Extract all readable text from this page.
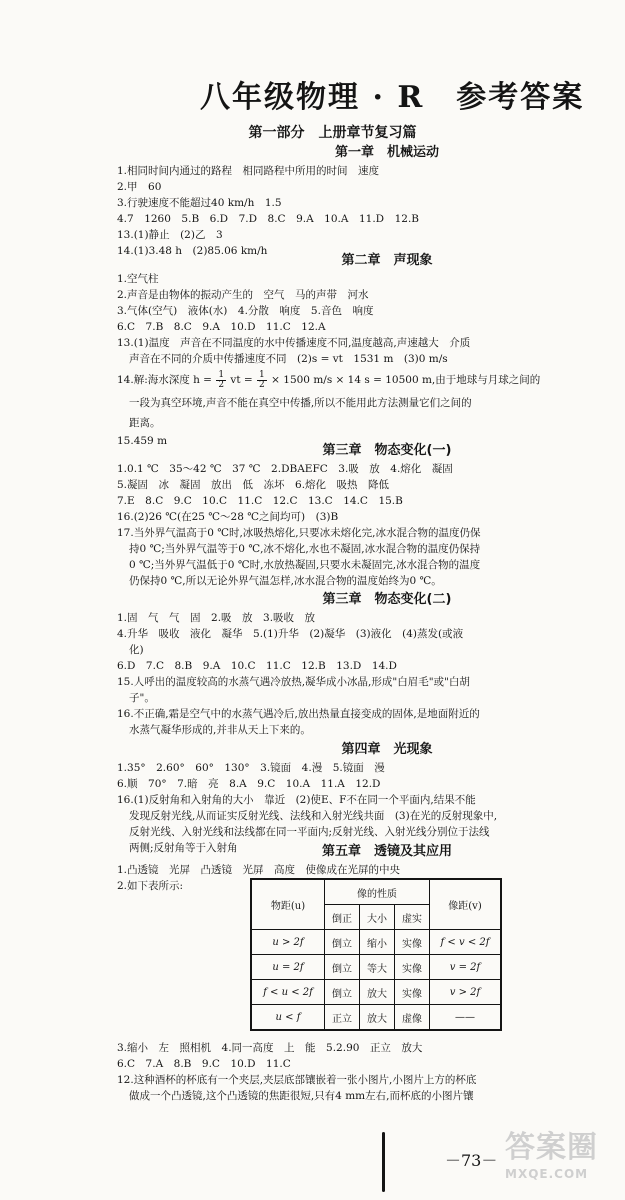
八年级物理 · R　参考答案
第一部分　上册章节复习篇
第一章　机械运动
1.相同时间内通过的路程　相同路程中所用的时间　速度
2.甲　60
3.行驶速度不能超过40 km/h　1.5
4.7　1260　5.B　6.D　7.D　8.C　9.A　10.A　11.D　12.B
13.(1)静止　(2)乙　3
14.(1)3.48 h　(2)85.06 km/h
第二章　声现象
1.空气柱
2.声音是由物体的振动产生的　空气　马的声带　河水
3.气体(空气)　液体(水)　4.分散　响度　5.音色　响度
6.C　7.B　8.C　9.A　10.D　11.C　12.A
13.(1)温度　声音在不同温度的水中传播速度不同,温度越高,声速越大　介质
声音在不同的介质中传播速度不同　(2)s = vt　1531 m　(3)0 m/s
14.解:海水深度 $h = \frac{1}{2}$ vt = $\frac{1}{2} \times 1500$ m/s × 14 s = 10500 m,由于地球与月球之间的
一段为真空环境,声音不能在真空中传播,所以不能用此方法测量它们之间的
距离。
15.459 m
第三章　物态变化(一)
1.0.1 ℃　35～42 ℃　37 ℃　2.DBAEFC　3.吸　放　4.熔化　凝固
5.凝固　冰　凝固　放出　低　冻坏　6.熔化　吸热　降低
7.E　8.C　9.C　10.C　11.C　12.C　13.C　14.C　15.B
16.(2)26 ℃(在25 ℃～28 ℃之间均可)　(3)B
17.当外界气温高于0 ℃时,冰吸热熔化,只要冰未熔化完,冰水混合物的温度仍保
持0 ℃;当外界气温等于0 ℃,冰不熔化,水也不凝固,冰水混合物的温度仍保持
0 ℃;当外界气温低于0 ℃时,水放热凝固,只要水未凝固完,冰水混合物的温度
仍保持0 ℃,所以无论外界气温怎样,冰水混合物的温度始终为0 ℃。
第三章　物态变化(二)
1.固　气　气　固　2.吸　放　3.吸收　放
4.升华　吸收　液化　凝华　5.(1)升华　(2)凝华　(3)液化　(4)蒸发(或液
化)
6.D　7.C　8.B　9.A　10.C　11.C　12.B　13.D　14.D
15.人呼出的温度较高的水蒸气遇冷放热,凝华成小冰晶,形成"白眉毛"或"白胡
子"。
16.不正确,霜是空气中的水蒸气遇冷后,放出热量直接变成的固体,是地面附近的
水蒸气凝华形成的,并非从天上下来的。
第四章　光现象
1.35°　2.60°　60°　130°　3.镜面　4.漫　5.镜面　漫
6.顺　70°　7.暗　亮　8.A　9.C　10.A　11.A　12.D
16.(1)反射角和入射角的大小　靠近　(2)使E、F不在同一个平面内,结果不能
发现反射光线,从而证实反射光线、法线和入射光线共面　(3)在光的反射现象中,
反射光线、入射光线和法线都在同一平面内;反射光线、入射光线分别位于法线
两侧;反射角等于入射角	第五章　透镜及其应用
1.凸透镜　光屏　凸透镜　光屏　高度　使像成在光屏的中央
2.如下表所示:
物距(u)	像的性质			像距(v)
	倒正	大小	虚实	
u > 2f	倒立	缩小	实像	f < v < 2f
u = 2f	倒立	等大	实像	v = 2f
f < u < 2f	倒立	放大	实像	v > 2f
u < f	正立	放大	虚像	——
3.缩小　左　照相机　4.同一高度　上　能　5.2.90　正立　放大
6.C　7.A　8.B　9.C　10.D　11.C
12.这种酒杯的杯底有一个夹层,夹层底部镶嵌着一张小图片,小图片上方的杯底
做成一个凸透镜,这个凸透镜的焦距很短,只有4 mm左右,而杯底的小图片镶
－73－ 答案圈
MXQE.COM
